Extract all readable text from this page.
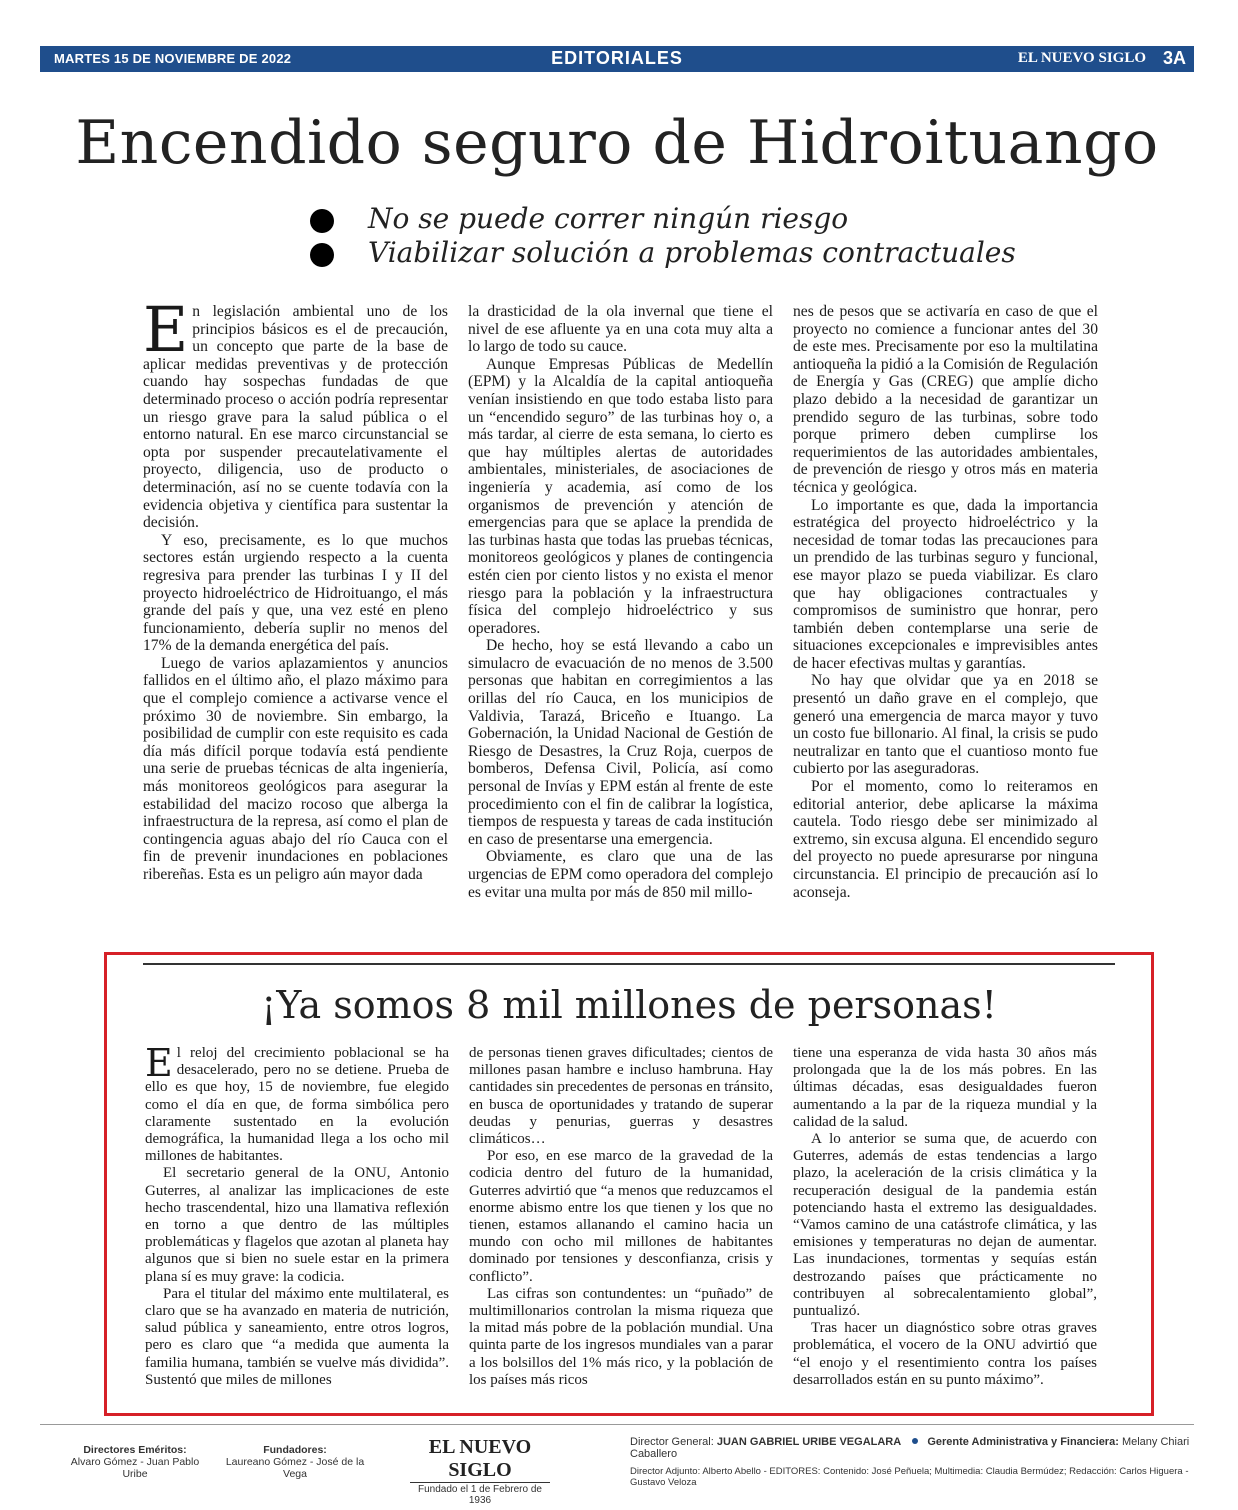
MARTES 15 DE NOVIEMBRE DE 2022	EDITORIALES	EL NUEVO SIGLO 3A
Encendido seguro de Hidroituango
No se puede correr ningún riesgo
Viabilizar solución a problemas contractuales

En legislación ambiental uno de los principios básicos es el de precaución, un concepto que parte de la base de aplicar medidas preventivas y de protección cuando hay sospechas fundadas de que determinado proceso o acción podría representar un riesgo grave para la salud pública o el entorno natural. En ese marco circunstancial se opta por suspender precautelativamente el proyecto, diligencia, uso de producto o determinación, así no se cuente todavía con la evidencia objetiva y científica para sustentar la decisión.

Y eso, precisamente, es lo que muchos sectores están urgiendo respecto a la cuenta regresiva para prender las turbinas I y II del proyecto hidroeléctrico de Hidroituango, el más grande del país y que, una vez esté en pleno funcionamiento, debería suplir no menos del 17% de la demanda energética del país.

Luego de varios aplazamientos y anuncios fallidos en el último año, el plazo máximo para que el complejo comience a activarse vence el próximo 30 de noviembre. Sin embargo, la posibilidad de cumplir con este requisito es cada día más difícil porque todavía está pendiente una serie de pruebas técnicas de alta ingeniería, más monitoreos geológicos para asegurar la estabilidad del macizo rocoso que alberga la infraestructura de la represa, así como el plan de contingencia aguas abajo del río Cauca con el fin de prevenir inundaciones en poblaciones ribereñas. Esta es un peligro aún mayor dada

la drasticidad de la ola invernal que tiene el nivel de ese afluente ya en una cota muy alta a lo largo de todo su cauce.

Aunque Empresas Públicas de Medellín (EPM) y la Alcaldía de la capital antioqueña venían insistiendo en que todo estaba listo para un “encendido seguro” de las turbinas hoy o, a más tardar, al cierre de esta semana, lo cierto es que hay múltiples alertas de autoridades ambientales, ministeriales, de asociaciones de ingeniería y academia, así como de los organismos de prevención y atención de emergencias para que se aplace la prendida de las turbinas hasta que todas las pruebas técnicas, monitoreos geológicos y planes de contingencia estén cien por ciento listos y no exista el menor riesgo para la población y la infraestructura física del complejo hidroeléctrico y sus operadores.

De hecho, hoy se está llevando a cabo un simulacro de evacuación de no menos de 3.500 personas que habitan en corregimientos a las orillas del río Cauca, en los municipios de Valdivia, Tarazá, Briceño e Ituango. La Gobernación, la Unidad Nacional de Gestión de Riesgo de Desastres, la Cruz Roja, cuerpos de bomberos, Defensa Civil, Policía, así como personal de Invías y EPM están al frente de este procedimiento con el fin de calibrar la logística, tiempos de respuesta y tareas de cada institución en caso de presentarse una emergencia.

Obviamente, es claro que una de las urgencias de EPM como operadora del complejo es evitar una multa por más de 850 mil millo-

nes de pesos que se activaría en caso de que el proyecto no comience a funcionar antes del 30 de este mes. Precisamente por eso la multilatina antioqueña la pidió a la Comisión de Regulación de Energía y Gas (CREG) que amplíe dicho plazo debido a la necesidad de garantizar un prendido seguro de las turbinas, sobre todo porque primero deben cumplirse los requerimientos de las autoridades ambientales, de prevención de riesgo y otros más en materia técnica y geológica.

Lo importante es que, dada la importancia estratégica del proyecto hidroeléctrico y la necesidad de tomar todas las precauciones para un prendido de las turbinas seguro y funcional, ese mayor plazo se pueda viabilizar. Es claro que hay obligaciones contractuales y compromisos de suministro que honrar, pero también deben contemplarse una serie de situaciones excepcionales e imprevisibles antes de hacer efectivas multas y garantías.

No hay que olvidar que ya en 2018 se presentó un daño grave en el complejo, que generó una emergencia de marca mayor y tuvo un costo fue billonario. Al final, la crisis se pudo neutralizar en tanto que el cuantioso monto fue cubierto por las aseguradoras.

Por el momento, como lo reiteramos en editorial anterior, debe aplicarse la máxima cautela. Todo riesgo debe ser minimizado al extremo, sin excusa alguna. El encendido seguro del proyecto no puede apresurarse por ninguna circunstancia. El principio de precaución así lo aconseja.

¡Ya somos 8 mil millones de personas!

El reloj del crecimiento poblacional se ha desacelerado, pero no se detiene. Prueba de ello es que hoy, 15 de noviembre, fue elegido como el día en que, de forma simbólica pero claramente sustentado en la evolución demográfica, la humanidad llega a los ocho mil millones de habitantes.

El secretario general de la ONU, Antonio Guterres, al analizar las implicaciones de este hecho trascendental, hizo una llamativa reflexión en torno a que dentro de las múltiples problemáticas y flagelos que azotan al planeta hay algunos que si bien no suele estar en la primera plana sí es muy grave: la codicia.

Para el titular del máximo ente multilateral, es claro que se ha avanzado en materia de nutrición, salud pública y saneamiento, entre otros logros, pero es claro que “a medida que aumenta la familia humana, también se vuelve más dividida”. Sustentó que miles de millones

de personas tienen graves dificultades; cientos de millones pasan hambre e incluso hambruna. Hay cantidades sin precedentes de personas en tránsito, en busca de oportunidades y tratando de superar deudas y penurias, guerras y desastres climáticos…

Por eso, en ese marco de la gravedad de la codicia dentro del futuro de la humanidad, Guterres advirtió que “a menos que reduzcamos el enorme abismo entre los que tienen y los que no tienen, estamos allanando el camino hacia un mundo con ocho mil millones de habitantes dominado por tensiones y desconfianza, crisis y conflicto”.

Las cifras son contundentes: un “puñado” de multimillonarios controlan la misma riqueza que la mitad más pobre de la población mundial. Una quinta parte de los ingresos mundiales van a parar a los bolsillos del 1% más rico, y la población de los países más ricos

tiene una esperanza de vida hasta 30 años más prolongada que la de los más pobres. En las últimas décadas, esas desigualdades fueron aumentando a la par de la riqueza mundial y la calidad de la salud.

A lo anterior se suma que, de acuerdo con Guterres, además de estas tendencias a largo plazo, la aceleración de la crisis climática y la recuperación desigual de la pandemia están potenciando hasta el extremo las desigualdades. “Vamos camino de una catástrofe climática, y las emisiones y temperaturas no dejan de aumentar. Las inundaciones, tormentas y sequías están destrozando países que prácticamente no contribuyen al sobrecalentamiento global”, puntualizó.

Tras hacer un diagnóstico sobre otras graves problemática, el vocero de la ONU advirtió que “el enojo y el resentimiento contra los países desarrollados están en su punto máximo”.

Directores Eméritos:
Alvaro Gómez - Juan Pablo Uribe
Fundadores:
Laureano Gómez - José de la Vega
EL NUEVO SIGLO
Fundado el 1 de Febrero de 1936
Director General: JUAN GABRIEL URIBE VEGALARA Gerente Administrativa y Financiera: Melany Chiari Caballero
Director Adjunto: Alberto Abello - EDITORES: Contenido: José Peñuela; Multimedia: Claudia Bermúdez; Redacción: Carlos Higuera - Gustavo Veloza
